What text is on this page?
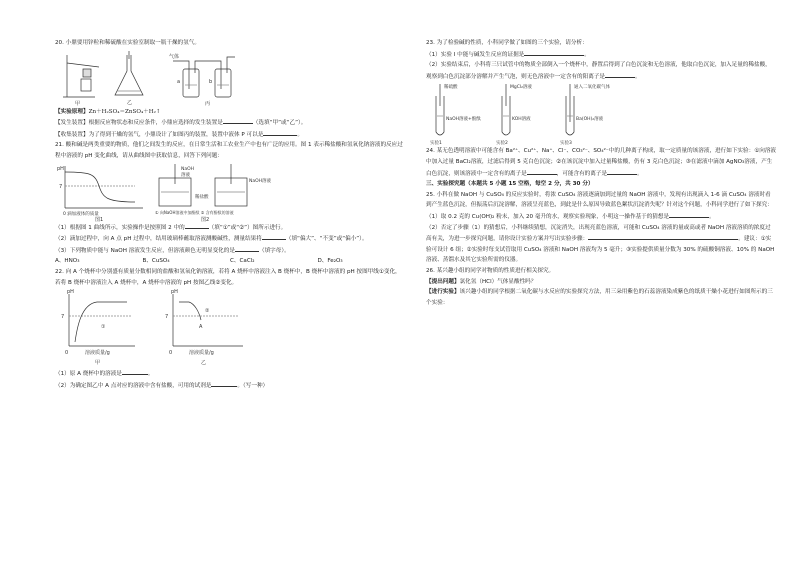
20. 小鼎要用锌粒和稀硫酸在实验室制取一瓶干燥的氢气。

甲	乙	丙
气体
a	b

【实验原理】Zn＋H₂SO₄＝ZnSO₄＋H₂↑

【发生装置】根据反应物状态和反应条件，小鼎应选择的发生装置是	（选填“甲”或“乙”）。

【收集装置】为了得到干燥的氢气，小鼎设计了如图丙的装置，装置中液体 P 可以是	。

21. 酸和碱是两类重要的物质，他们之间发生的反应，在日常生活和工农业生产中也有广泛的应用。图 1 表示稀盐酸和氢氧化钠溶液的反应过程中溶液的 pH 变化曲线，请从曲线图中获取信息，回答下列问题：

pH
7
0 滴加液体的质量
图1
NaOH
溶液
稀盐酸
NaOH溶液
① 向NaOH溶液中加酚酞 ② 含有酚酞的溶液
图2

（1）根据图 1 曲线所示，实验操作是按照图 2 中的	（填“①”或“②”）图所示进行。

（2）滴加过程中，向 A 点 pH 过程中，结用玻璃棒蘸取溶液测酸碱性，测量结果将	（填“偏大”、“不变”或“偏小”）。

（3）下列物质中能与 NaOH 溶液发生反应，但溶液颜色无明显变化的是	（填字母）。

A、HNO₃	B、CuSO₄	C、CaCl₂	D、Fe₂O₃

22. 向 A 个烧杯中分别盛有质量分数相同的盐酸和氢氧化钠溶液，若将 A 烧杯中溶液注入 B 烧杯中，B 烧杯中溶液的 pH 按图甲线①变化，若将 B 烧杯中溶液注入 A 烧杯中，A 烧杯中溶液的 pH 按图乙线②变化。

pH
7
①
0	溶液质量/g
甲
pH
7
②
A
0	溶液质量/g
乙

（1）原 A 烧杯中的溶液是	。

（2）为确定图乙中 A 点对应的溶液中含有盐酸，可用的试剂是	。（写一种）

23. 为了检验碱的性质，小科同学做了如图的三个实验，请分析：

（1）实验 I 中能与碱发生反应的证据是	。

（2）实验结束后，小科将三只试管中的物质全部倒入一个烧杯中，静置后得到了白色沉淀和无色溶液，他取白色沉淀，加入足量的稀盐酸，观察到白色沉淀部分溶解并产生气泡，则无色溶液中一定含有的阳离子是	。

稀硫酸
NaOH溶液+酚酞
实验1
MgCl₂溶液
KOH溶液
实验2
通入二氧化碳气体
Ba(OH)₂溶液
实验3

24. 某无色透明溶液中可能含有 Ba²⁺、Cu²⁺、Na⁺、Cl⁻、CO₃²⁻、SO₄²⁻中的几种离子构成，取一定质量的该溶液，进行如下实验：①向溶液中加入过量 BaCl₂溶液，过滤后得到 5 克白色沉淀；②在该沉淀中加入过量稀盐酸，仍有 3 克白色沉淀；③在滤液中滴加 AgNO₃溶液，产生白色沉淀，则该溶液中一定含有的离子是	，可能含有的离子是	。

三、实验探究题（本题共 5 小题 15 空格，每空 2 分，共 30 分）

25. 小科在做 NaOH 与 CuSO₄ 的反应实验时，将浓 CuSO₄ 溶液逐滴加到过量的 NaOH 溶液中，发现有出现滴入 1-6 滴 CuSO₄ 溶液时看到产生蓝色沉淀，但振荡后沉淀溶解，溶液呈亮蓝色，到此是什么原因导致蓝色絮状沉淀消失呢？针对这个问题，小科同学进行了如下探究：

（1）取 0.2 克的 Cu(OH)₂ 粉末，加入 20 毫升的水，观察实验现象，小明这一操作基于的猜想是	。

（2）否定了步骤（1）的猜想后，小科继续猜想，沉淀消失，出现亮蓝色溶液，可能和 CuSO₄ 溶液的量或高或者 NaOH 溶液溶质的浓度过高有关，为进一步探究问题，请你设计实验方案并写出实验步骤：	。建议：①实验可设计 6 组；②实验时每支试管取用 CuSO₄ 溶液和 NaOH 溶液均为 5 毫升；③实验提供质量分数为 30% 的硫酸铜溶液、10% 的 NaOH 溶液、蒸馏水及其它实验所需的仪器。

26. 某兴趣小组的同学对物质的性质进行相关探究。

【提出问题】氯化氢（HCl）气体显酸性吗？

【进行实验】该兴趣小组的同学根据二氧化碳与水反应的实验探究方法，用三朵用紫色的石蕊溶液染成紫色的纸质干燥小花进行如图所示的三个实验：
